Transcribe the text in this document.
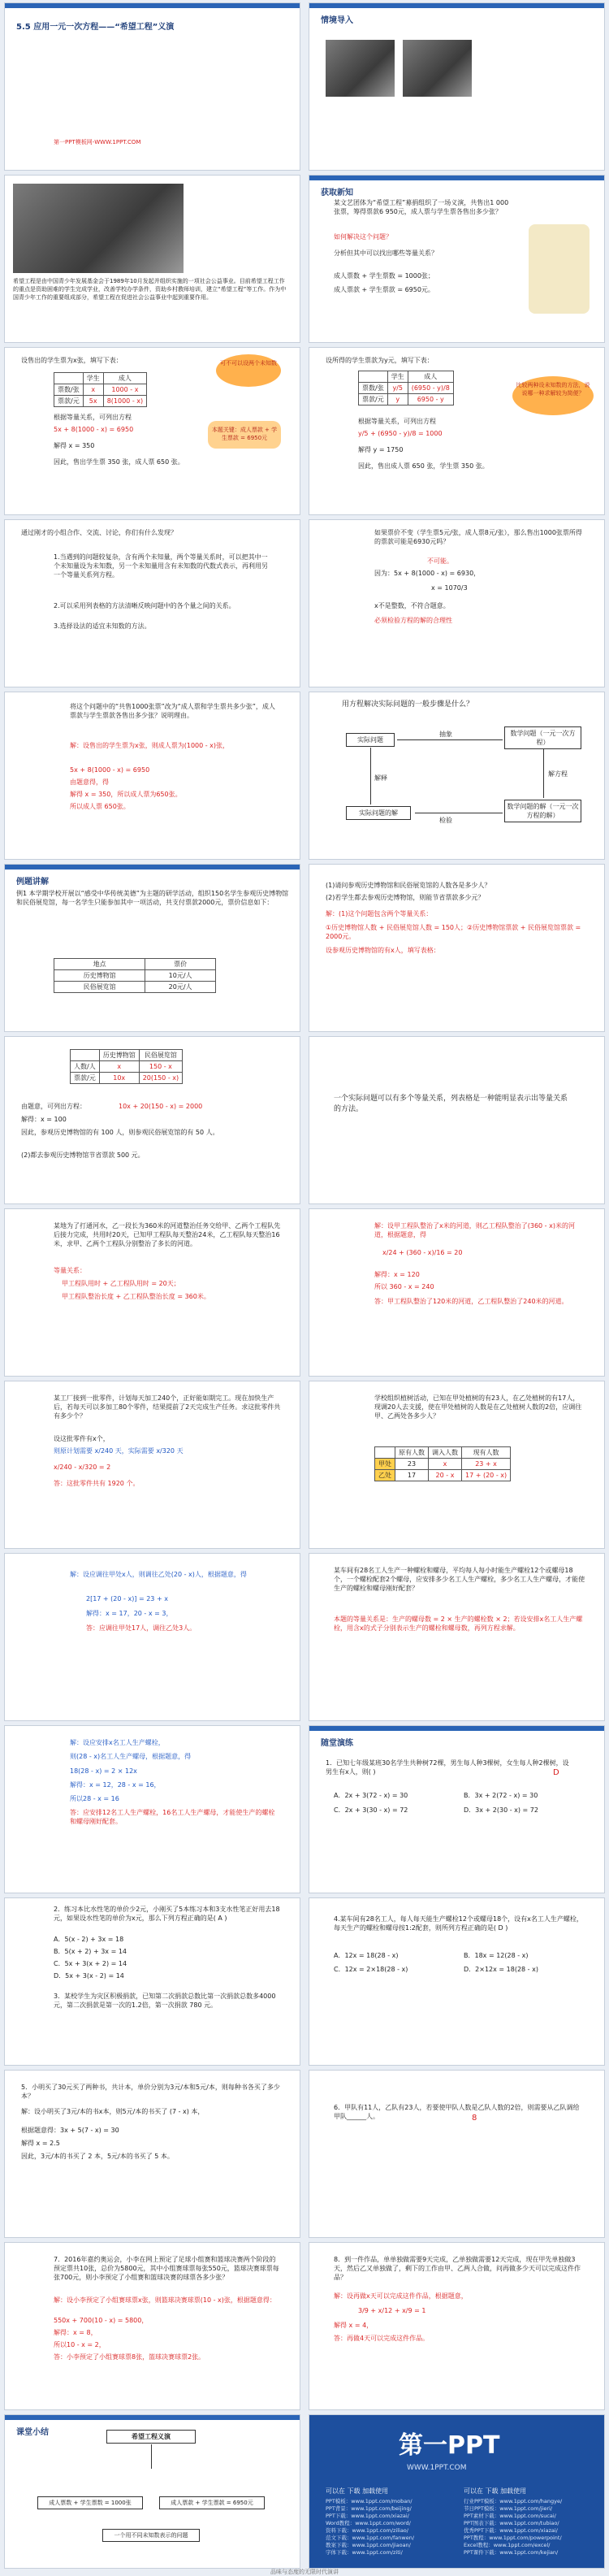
5.5 应用一元一次方程——“希望工程”义演
第一PPT模板网-WWW.1PPT.COM
情境导入
希望工程是由中国青少年发展基金会于1989年10月发起并组织实施的一项社会公益事业。目前希望工程工作的重点是资助困难的学生完成学业，改善学校办学条件，资助乡村教师培训，建立“希望工程”等工作。作为中国青少年工作的重要组成部分，希望工程在促进社会公益事业中起到重要作用。
获取新知
某文艺团体为“希望工程”募捐组织了一场义演，共售出1 000张票，筹得票款6 950元，成人票与学生票各售出多少张？
如何解决这个问题？
分析但其中可以找出哪些等量关系？
成人票数 + 学生票数 = 1000张；
成人票款 + 学生票款 = 6950元。
设售出的学生票为x张，填写下表：	可不可以设两个未知数
	学生	成人
票数/张	x	1000 - x
票款/元	5x	8(1000 - x)
根据等量关系，可列出方程
5x + 8(1000 - x) = 6950	本题关键：成人票款 + 学生票款 = 6950元
解得 x = 350
因此，售出学生票 350 张，成人票 650 张。
设所得的学生票款为y元，填写下表：
	学生	成人
票数/张	y/5	(6950 - y)/8
票款/元	y	6950 - y
比较两种设未知数的方法，说说哪一种求解较为简便？
根据等量关系，可列出方程
y/5 + (6950 - y)/8 = 1000
解得 y = 1750
因此，售出成人票 650 张，学生票 350 张。
通过刚才的小组合作、交流、讨论，你们有什么发现？
1.当遇到的问题较复杂，含有两个未知量，两个等量关系时，可以把其中一个未知量设为未知数，另一个未知量用含有未知数的代数式表示，再利用另一个等量关系列方程。
2.可以采用列表格的方法清晰反映问题中的各个量之间的关系。
3.选择设法的适宜未知数的方法。
如果票价不变（学生票5元/张，成人票8元/张），那么售出1000张票所得的票款可能是6930元吗？
不可能。
因为：5x + 8(1000 - x) = 6930，
x = 1070/3
x不是整数，不符合题意。
必须检验方程的解的合理性
将这个问题中的“共售1000张票”改为“成人票和学生票共多少张”，成人票款与学生票款各售出多少张？说明理由。
解：设售出的学生票为x张，则成人票为(1000 - x)张，
5x + 8(1000 - x) = 6950
由题意得，得
解得 x = 350，所以成人票为650张。
所以成人票 650张。
用方程解决实际问题的一般步骤是什么？
实际问题
数学问题（一元一次方程）
实际问题的解
数学问题的解（一元一次方程的解）
抽象
解方程
检验
解释
例题讲解
例1 本学期学校开展以“感受中华传统美德”为主题的研学活动，组织150名学生参观历史博物馆和民俗展览馆，每一名学生只能参加其中一项活动，共支付票款2000元，票价信息如下：
地点	票价
历史博物馆	10元/人
民俗展览馆	20元/人
(1)请问参观历史博物馆和民俗展览馆的人数各是多少人？
(2)若学生都去参观历史博物馆，则能节省票款多少元？
解：(1)这个问题包含两个等量关系：
①历史博物馆人数 + 民俗展览馆人数 = 150人；②历史博物馆票款 + 民俗展览馆票款 = 2000元。
设参观历史博物馆的有x人，填写表格：
	历史博物馆	民俗展览馆
人数/人	x	150 - x
票款/元	10x	20(150 - x)
由题意，可列出方程：	10x + 20(150 - x) = 2000
解得：x = 100
因此，参观历史博物馆的有 100 人，则参观民俗展览馆的有 50 人。
(2)都去参观历史博物馆节省票款 500 元。
一个实际问题可以有多个等量关系，列表格是一种能明显表示出等量关系的方法。
某地为了打通河水，乙一段长为360米的河道整治任务交给甲、乙两个工程队先后接力完成，共用时20天，已知甲工程队每天整治24米，乙工程队每天整治16米，求甲、乙两个工程队分别整治了多长的河道。
等量关系：
甲工程队用时 + 乙工程队用时 = 20天；
甲工程队整治长度 + 乙工程队整治长度 = 360米。
解：设甲工程队整治了x米的河道，则乙工程队整治了(360 - x)米的河道，根据题意，得
x/24 + (360 - x)/16 = 20
解得：x = 120
所以 360 - x = 240
答：甲工程队整治了120米的河道，乙工程队整治了240米的河道。
某工厂接到一批零件，计划每天加工240个，正好能如期完工。现在加快生产后，若每天可以多加工80个零件，结果提前了2天完成生产任务。求这批零件共有多少个？
设这批零件有x个，
则原计划需要 x/240 天，实际需要 x/320 天
x/240 - x/320 = 2
答：这批零件共有 1920 个。
学校组织植树活动，已知在甲处植树的有23人，在乙处植树的有17人，现调20人去支援，使在甲处植树的人数是在乙处植树人数的2倍，应调往甲、乙两处各多少人？
	原有人数	调入人数	现有人数
甲处	23	x	23 + x
乙处	17	20 - x	17 + (20 - x)
解：设应调往甲处x人，则调往乙处(20 - x)人，根据题意，得
2[17 + (20 - x)] = 23 + x
解得：x = 17，20 - x = 3，
答：应调往甲处17人，调往乙处3人。
某车间有28名工人生产一种螺栓和螺母，平均每人每小时能生产螺栓12个或螺母18个，一个螺栓配套2个螺母，应安排多少名工人生产螺栓，多少名工人生产螺母，才能使生产的螺栓和螺母刚好配套？
本题的等量关系是：生产的螺母数 = 2 × 生产的螺栓数 × 2；若设安排x名工人生产螺栓，用含x的式子分别表示生产的螺栓和螺母数，再列方程求解。
解：设应安排x名工人生产螺栓，
则(28 - x)名工人生产螺母，根据题意，得
18(28 - x) = 2 × 12x
解得：x = 12，28 - x = 16，
所以28 - x = 16
答：应安排12名工人生产螺栓，16名工人生产螺母，才能使生产的螺栓和螺母刚好配套。
随堂演练
1．已知七年级某班30名学生共种树72棵，男生每人种3棵树，女生每人种2棵树，设男生有x人，则( )	D
A．2x + 3(72 - x) = 30	B．3x + 2(72 - x) = 30
C．2x + 3(30 - x) = 72	D．3x + 2(30 - x) = 72
2．练习本比水性笔的单价少2元，小刚买了5本练习本和3支水性笔正好用去18元，如果设水性笔的单价为x元，那么下列方程正确的是( A )
A．5(x - 2) + 3x = 18
B．5(x + 2) + 3x = 14
C．5x + 3(x + 2) = 14
D．5x + 3(x - 2) = 14
3．某校学生为灾区积极捐款，已知第二次捐款总数比第一次捐款总数多4000元，第二次捐款是第一次的1.2倍，第一次捐款 780 元。
4.某车间有28名工人，每人每天能生产螺栓12个或螺母18个，设有x名工人生产螺栓，每天生产的螺栓和螺母按1:2配套，则所列方程正确的是( D )
A．12x = 18(28 - x)	B．18x = 12(28 - x)
C．12x = 2×18(28 - x)	D．2×12x = 18(28 - x)
5．小明买了30元买了两种书，共计本，单价分别为3元/本和5元/本，则每种书各买了多少本？
解：设小明买了3元/本的书x本，则5元/本的书买了 (7 - x) 本，
根据题意得：3x + 5(7 - x) = 30
解得 x = 2.5
因此，3元/本的书买了 2 本，5元/本的书买了 5 本。
6．甲队有11人，乙队有23人，若要使甲队人数是乙队人数的2倍，则需要从乙队调给甲队______人。	8
7．2016年嘉约奥运会，小李在网上预定了足球小组赛和篮球决赛两个阶段的预定票共10张，总价为5800元，其中小组赛球票每张550元，篮球决赛球票每张700元，则小李预定了小组赛和篮球决赛的球票各多少张？
解：设小李预定了小组赛球票x张，则篮球决赛球票(10 - x)张，根据题意得：
550x + 700(10 - x) = 5800，
解得：x = 8，
所以10 - x = 2，
答：小李预定了小组赛球票8张，篮球决赛球票2张。
8．到一件作品，单单独做需要9天完成，乙单独做需要12天完成，现在甲先单独做3天，然后乙又单独做了，剩下的工作由甲、乙两人合做，问再做多少天可以完成这件作品？
解：设再做x天可以完成这件作品，根据题意，
3/9 + x/12 + x/9 = 1
解得 x = 4，
答：再做4天可以完成这件作品。
课堂小结	希望工程义演
成人票数 + 学生票数 = 1000张	成人票款 + 学生票款 = 6950元
一个用不同未知数表示的问题
第一PPT
WWW.1PPT.COM
可以在 下载 加载使用	可以在 下载 加载使用
PPT模板：www.1ppt.com/moban/
PPT背景：www.1ppt.com/beijing/
PPT下载：www.1ppt.com/xiazai/
Word教程：www.1ppt.com/word/
资料下载：www.1ppt.com/ziliao/
范文下载：www.1ppt.com/fanwen/
教案下载：www.1ppt.com/jiaoan/
字体下载：www.1ppt.com/ziti/
行业PPT模板：www.1ppt.com/hangye/
节日PPT模板：www.1ppt.com/jieri/
PPT素材下载：www.1ppt.com/sucai/
PPT图表下载：www.1ppt.com/tubiao/
优秀PPT下载：www.1ppt.com/xiazai/
PPT教程：www.1ppt.com/powerpoint/
Excel教程：www.1ppt.com/excel/
PPT课件下载：www.1ppt.com/kejian/
品味与态度的无限时代演讲
